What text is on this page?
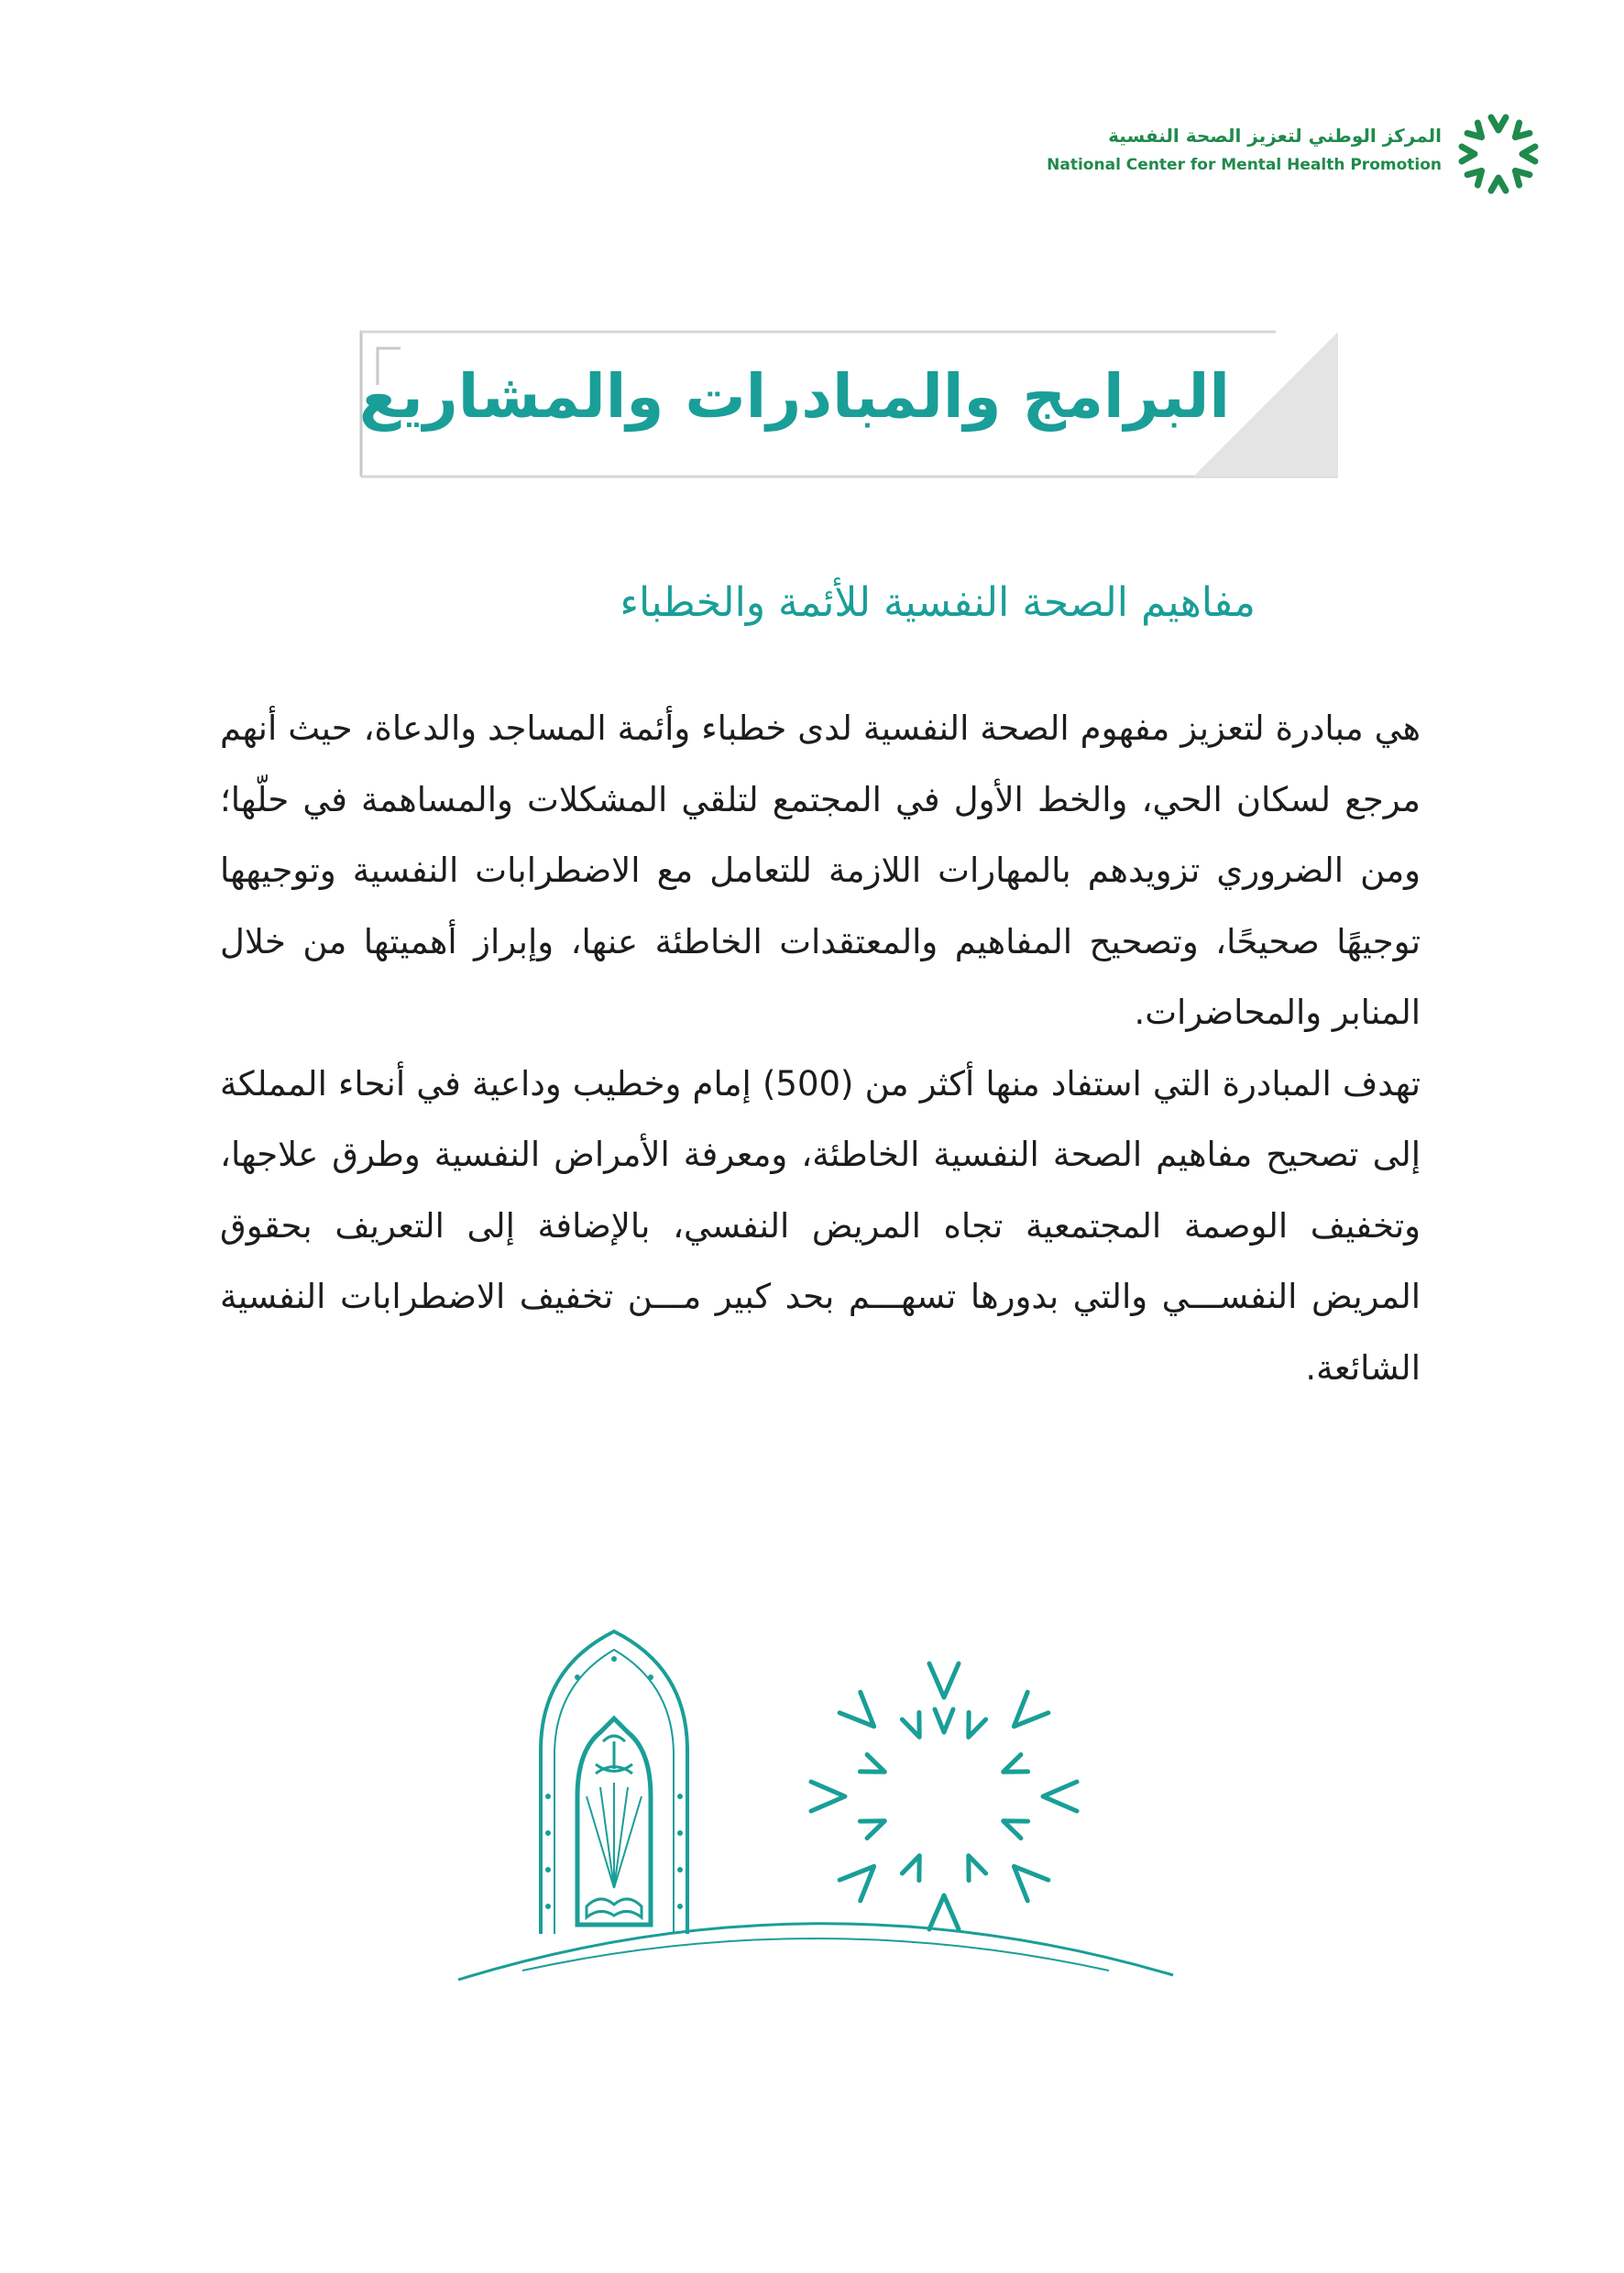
المركز الوطني لتعزيز الصحة النفسية
National Center for Mental Health Promotion
البرامج والمبادرات والمشاريع
مفاهيم الصحة النفسية للأئمة والخطباء

هي مبادرة لتعزيز مفهوم الصحة النفسية لدى خطباء وأئمة المساجد والدعاة، حيث أنهم مرجع لسكان الحي، والخط الأول في المجتمع لتلقي المشكلات والمساهمة في حلّها؛ ومن الضروري تزويدهم بالمهارات اللازمة للتعامل مع الاضطرابات النفسية وتوجيهها توجيهًا صحيحًا، وتصحيح المفاهيم والمعتقدات الخاطئة عنها، وإبراز أهميتها من خلال المنابر والمحاضرات.

تهدف المبادرة التي استفاد منها أكثر من (500) إمام وخطيب وداعية في أنحاء المملكة إلى تصحيح مفاهيم الصحة النفسية الخاطئة، ومعرفة الأمراض النفسية وطرق علاجها، وتخفيف الوصمة المجتمعية تجاه المريض النفسي، بالإضافة إلى التعريف بحقوق المريض النفســـي والتي بدورها تسهـــم بحد كبير مـــن تخفيف الاضطرابات النفسية الشائعة.
